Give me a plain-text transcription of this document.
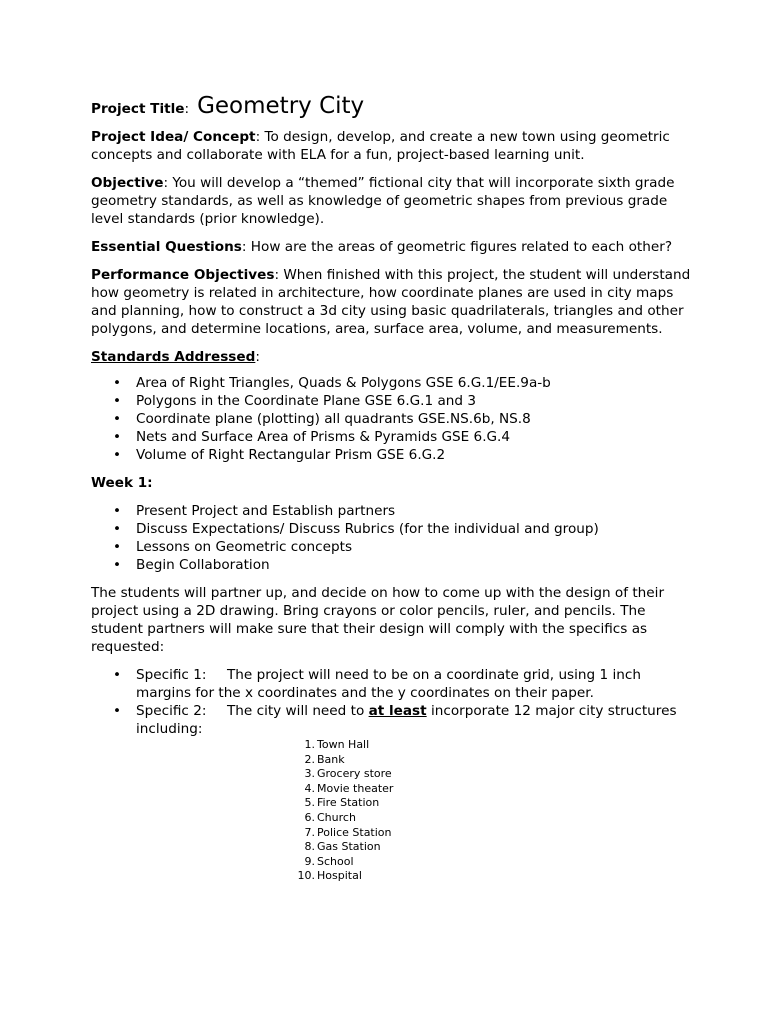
Project Title : Geometry City

Project Idea/ Concept: To design, develop, and create a new town using geometric concepts and collaborate with ELA for a fun, project-based learning unit.

Objective: You will develop a “themed” fictional city that will incorporate sixth grade geometry standards, as well as knowledge of geometric shapes from previous grade level standards (prior knowledge).

Essential Questions: How are the areas of geometric figures related to each other?

Performance Objectives: When finished with this project, the student will understand how geometry is related in architecture, how coordinate planes are used in city maps and planning, how to construct a 3d city using basic quadrilaterals, triangles and other polygons, and determine locations, area, surface area, volume, and measurements.

Standards Addressed:

• Area of Right Triangles, Quads & Polygons GSE 6.G.1/EE.9a-b
• Polygons in the Coordinate Plane GSE 6.G.1 and 3
• Coordinate plane (plotting) all quadrants GSE.NS.6b, NS.8
• Nets and Surface Area of Prisms & Pyramids GSE 6.G.4
• Volume of Right Rectangular Prism GSE 6.G.2

Week 1:

• Present Project and Establish partners
• Discuss Expectations/ Discuss Rubrics (for the individual and group)
• Lessons on Geometric concepts
• Begin Collaboration

The students will partner up, and decide on how to come up with the design of their project using a 2D drawing. Bring crayons or color pencils, ruler, and pencils. The student partners will make sure that their design will comply with the specifics as requested:

• Specific 1: The project will need to be on a coordinate grid, using 1 inch margins for the x coordinates and the y coordinates on their paper.
• Specific 2: The city will need to at least incorporate 12 major city structures including:
1. Town Hall
2. Bank
3. Grocery store
4. Movie theater
5. Fire Station
6. Church
7. Police Station
8. Gas Station
9. School
10. Hospital
